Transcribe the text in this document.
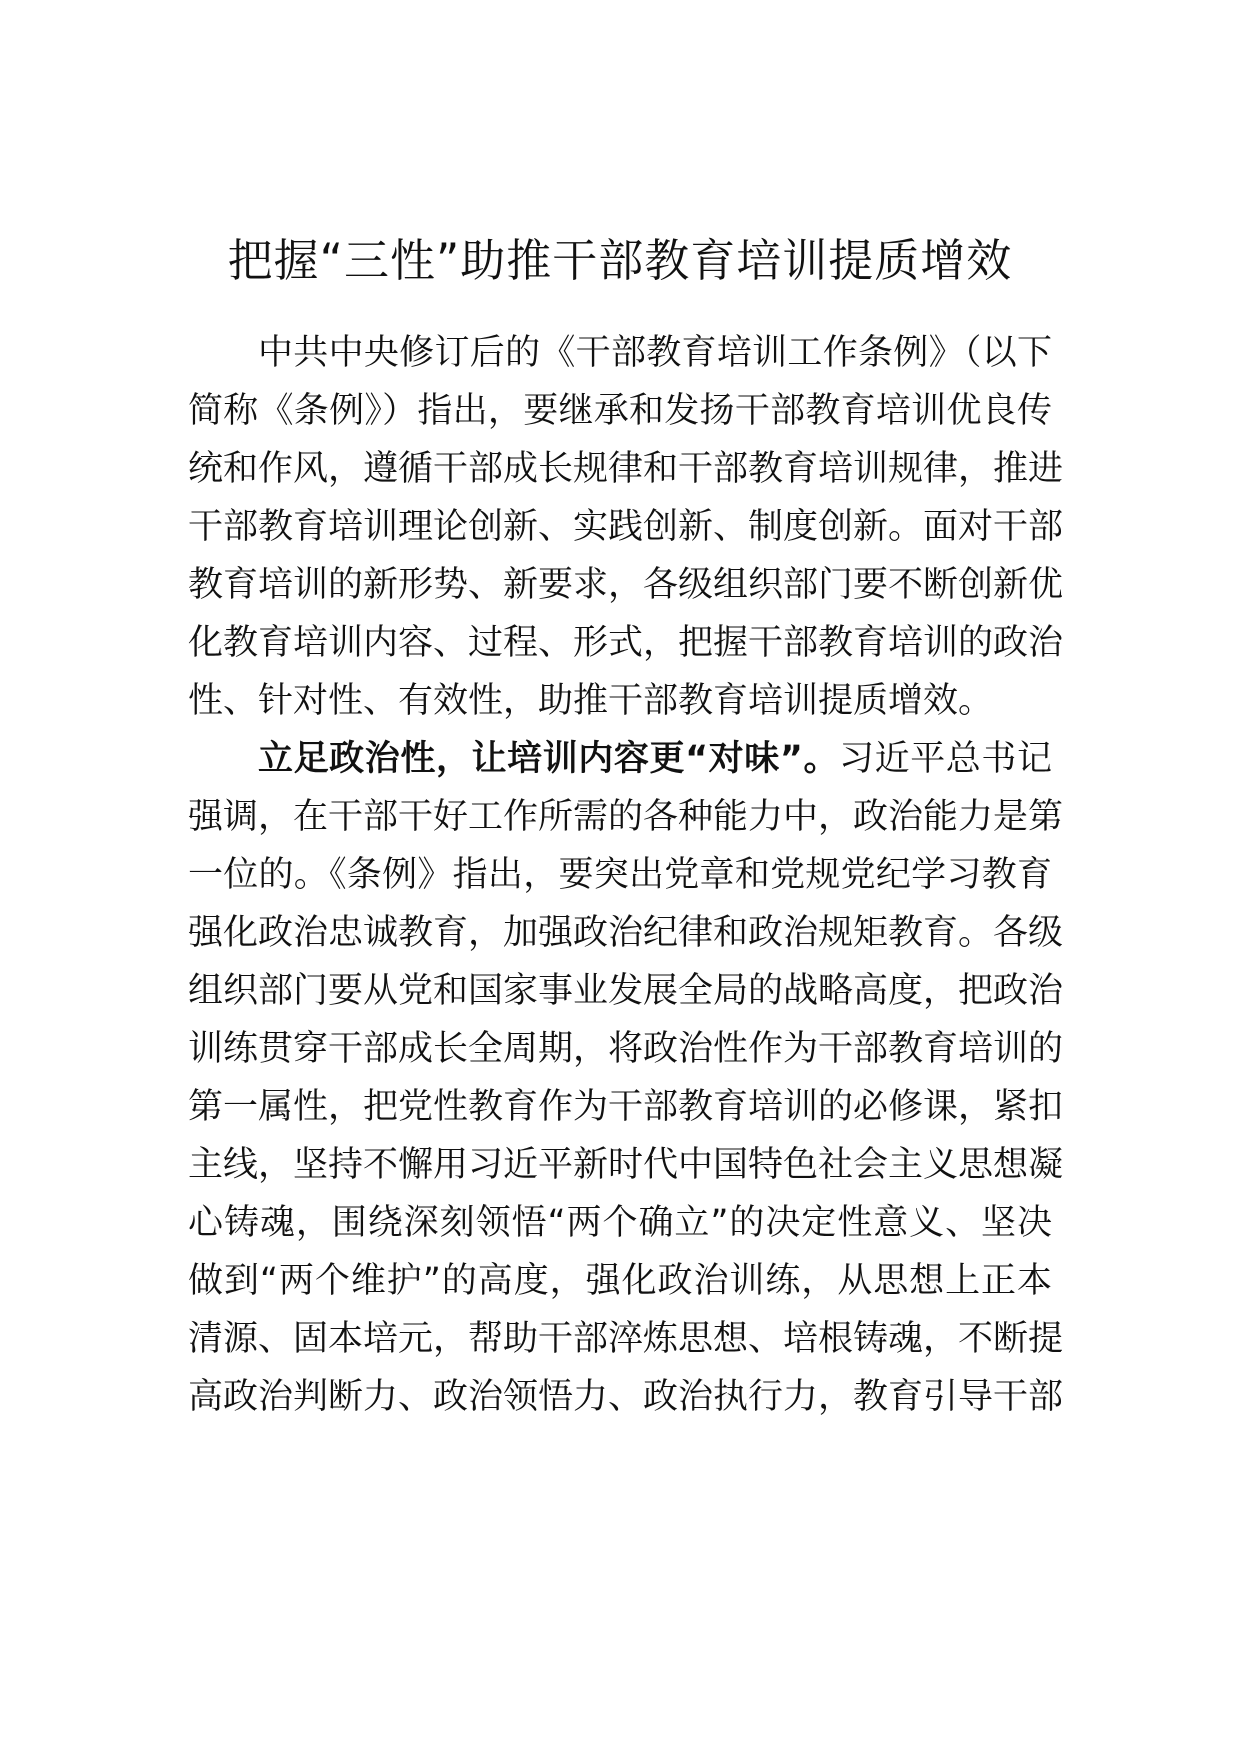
把握“三性”助推干部教育培训提质增效
中共中央修订后的《干部教育培训工作条例》（以下
简称《条例》）指出，要继承和发扬干部教育培训优良传
统和作风，遵循干部成长规律和干部教育培训规律，推进
干部教育培训理论创新、实践创新、制度创新。面对干部
教育培训的新形势、新要求，各级组织部门要不断创新优
化教育培训内容、过程、形式，把握干部教育培训的政治
性、针对性、有效性，助推干部教育培训提质增效。
立足政治性，让培训内容更“对味”。习近平总书记
强调，在干部干好工作所需的各种能力中，政治能力是第
一位的。《条例》指出，要突出党章和党规党纪学习教育
强化政治忠诚教育，加强政治纪律和政治规矩教育。各级
组织部门要从党和国家事业发展全局的战略高度，把政治
训练贯穿干部成长全周期，将政治性作为干部教育培训的
第一属性，把党性教育作为干部教育培训的必修课，紧扣
主线，坚持不懈用习近平新时代中国特色社会主义思想凝
心铸魂，围绕深刻领悟“两个确立”的决定性意义、坚决
做到“两个维护”的高度，强化政治训练，从思想上正本
清源、固本培元，帮助干部淬炼思想、培根铸魂，不断提
高政治判断力、政治领悟力、政治执行力，教育引导干部
